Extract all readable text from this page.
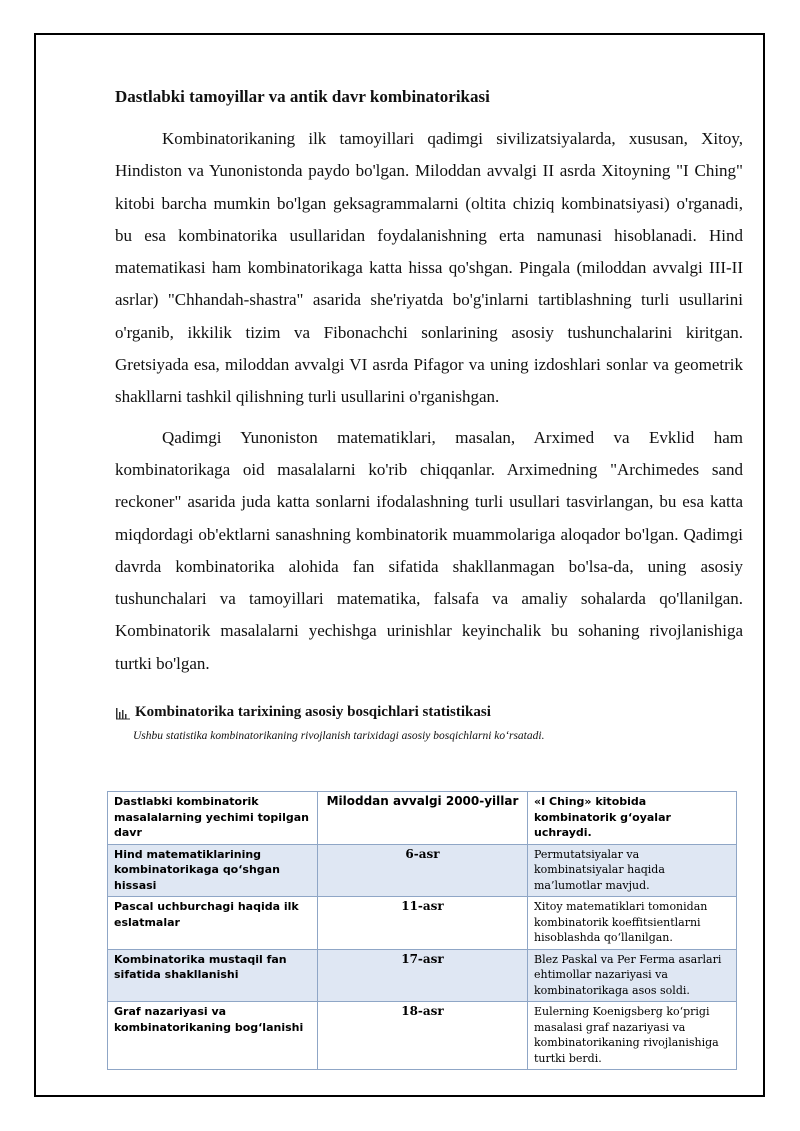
Dastlabki tamoyillar va antik davr kombinatorikasi

Kombinatorikaning ilk tamoyillari qadimgi sivilizatsiyalarda, xususan, Xitoy, Hindiston va Yunonistonda paydo bo'lgan. Miloddan avvalgi II asrda Xitoyning "I Ching" kitobi barcha mumkin bo'lgan geksagrammalarni (oltita chiziq kombinatsiyasi) o'rganadi, bu esa kombinatorika usullaridan foydalanishning erta namunasi hisoblanadi. Hind matematikasi ham kombinatorikaga katta hissa qo'shgan. Pingala (miloddan avvalgi III-II asrlar) "Chhandah-shastra" asarida she'riyatda bo'g'inlarni tartiblashning turli usullarini o'rganib, ikkilik tizim va Fibonachchi sonlarining asosiy tushunchalarini kiritgan. Gretsiyada esa, miloddan avvalgi VI asrda Pifagor va uning izdoshlari sonlar va geometrik shakllarni tashkil qilishning turli usullarini o'rganishgan.

Qadimgi Yunoniston matematiklari, masalan, Arximed va Evklid ham kombinatorikaga oid masalalarni ko'rib chiqqanlar. Arximedning "Archimedes sand reckoner" asarida juda katta sonlarni ifodalashning turli usullari tasvirlangan, bu esa katta miqdordagi ob'ektlarni sanashning kombinatorik muammolariga aloqador bo'lgan. Qadimgi davrda kombinatorika alohida fan sifatida shakllanmagan bo'lsa-da, uning asosiy tushunchalari va tamoyillari matematika, falsafa va amaliy sohalarda qo'llanilgan. Kombinatorik masalalarni yechishga urinishlar keyinchalik bu sohaning rivojlanishiga turtki bo'lgan.

Kombinatorika tarixining asosiy bosqichlari statistikasi
Ushbu statistika kombinatorikaning rivojlanish tarixidagi asosiy bosqichlarni ko‘rsatadi.
Dastlabki kombinatorik masalalarning yechimi topilgan davr	Miloddan avvalgi 2000-yillar	«I Ching» kitobida kombinatorik g‘oyalar uchraydi.
Hind matematiklarining kombinatorikaga qo‘shgan hissasi	6-asr	Permutatsiyalar va kombinatsiyalar haqida ma’lumotlar mavjud.
Pascal uchburchagi haqida ilk eslatmalar	11-asr	Xitoy matematiklari tomonidan kombinatorik koeffitsientlarni hisoblashda qo‘llanilgan.
Kombinatorika mustaqil fan sifatida shakllanishi	17-asr	Blez Paskal va Per Ferma asarlari ehtimollar nazariyasi va kombinatorikaga asos soldi.
Graf nazariyasi va kombinatorikaning bog‘lanishi	18-asr	Eulerning Koenigsberg ko‘prigi masalasi graf nazariyasi va kombinatorikaning rivojlanishiga turtki berdi.
